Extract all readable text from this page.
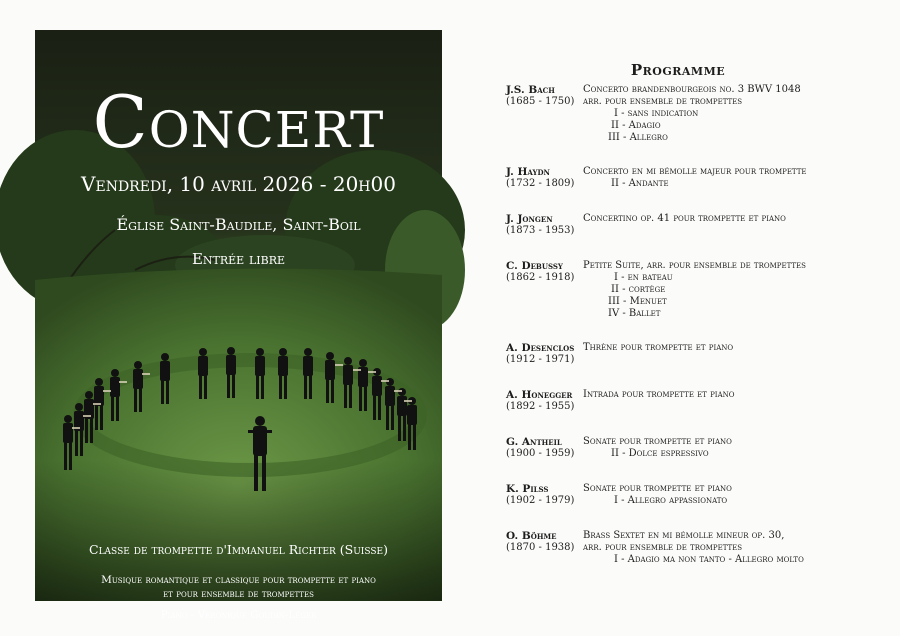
Concert
Vendredi, 10 avril 2026 - 20h00
Église Saint-Baudile, Saint-Boil
Entrée libre
Classe de trompette d'Immanuel Richter (Suisse)
Musique romantique et classique pour trompette et piano
et pour ensemble de trompettes
Piano - Veronique Goudin-Léger
Programme
J.S. Bach
(1685 - 1750)
Concerto brandenbourgeois no. 3 BWV 1048
arr. pour ensemble de trompettes
I - sans indication
II - Adagio
III - Allegro
J. Haydn
(1732 - 1809)
Concerto en mi bémolle majeur pour trompette
II - Andante
J. Jongen
(1873 - 1953)
Concertino op. 41 pour trompette et piano
C. Debussy
(1862 - 1918)
Petite Suite, arr. pour ensemble de trompettes
I - en bateau
II - cortège
III - Menuet
IV - Ballet
A. Desenclos
(1912 - 1971)
Thrène pour trompette et piano
A. Honegger
(1892 - 1955)
Intrada pour trompette et piano
G. Antheil
(1900 - 1959)
Sonate pour trompette et piano
II - Dolce espressivo
K. Pilss
(1902 - 1979)
Sonate pour trompette et piano
I - Allegro appassionato
O. Böhme
(1870 - 1938)
Brass Sextet en mi bémolle mineur op. 30,
arr. pour ensemble de trompettes
I - Adagio ma non tanto - Allegro molto
